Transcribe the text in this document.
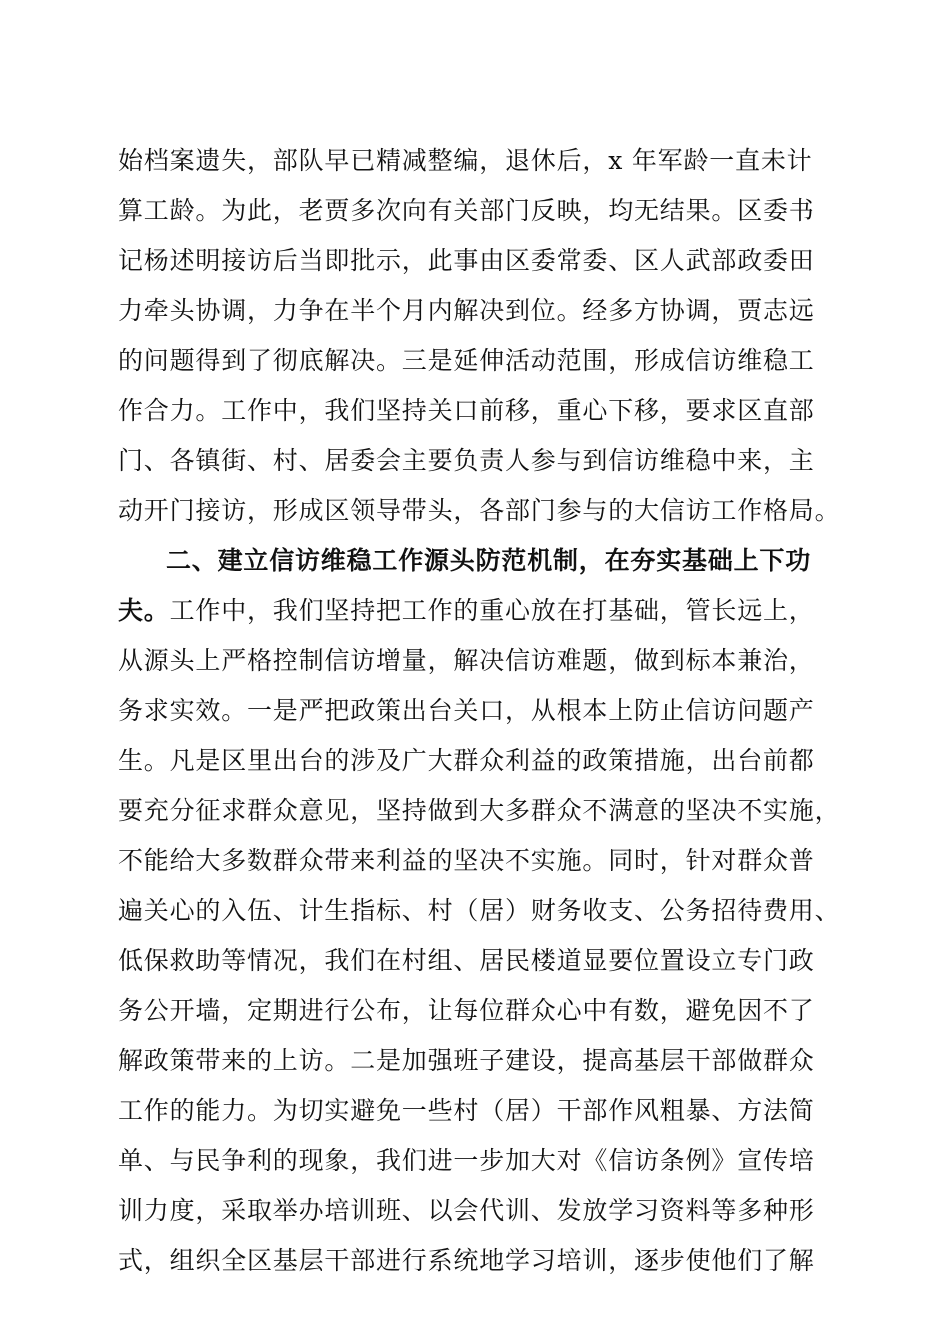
始档案遗失，部队早已精减整编，退休后，x 年军龄一直未计
算工龄。为此，老贾多次向有关部门反映，均无结果。区委书
记杨述明接访后当即批示，此事由区委常委、区人武部政委田
力牵头协调，力争在半个月内解决到位。经多方协调，贾志远
的问题得到了彻底解决。三是延伸活动范围，形成信访维稳工
作合力。工作中，我们坚持关口前移，重心下移，要求区直部
门、各镇街、村、居委会主要负责人参与到信访维稳中来，主
动开门接访，形成区领导带头，各部门参与的大信访工作格局。
二、建立信访维稳工作源头防范机制，在夯实基础上下功
夫。工作中，我们坚持把工作的重心放在打基础，管长远上，
从源头上严格控制信访增量，解决信访难题，做到标本兼治，
务求实效。一是严把政策出台关口，从根本上防止信访问题产
生。凡是区里出台的涉及广大群众利益的政策措施，出台前都
要充分征求群众意见，坚持做到大多群众不满意的坚决不实施，
不能给大多数群众带来利益的坚决不实施。同时，针对群众普
遍关心的入伍、计生指标、村（居）财务收支、公务招待费用、
低保救助等情况，我们在村组、居民楼道显要位置设立专门政
务公开墙，定期进行公布，让每位群众心中有数，避免因不了
解政策带来的上访。二是加强班子建设，提高基层干部做群众
工作的能力。为切实避免一些村（居）干部作风粗暴、方法简
单、与民争利的现象，我们进一步加大对《信访条例》宣传培
训力度，采取举办培训班、以会代训、发放学习资料等多种形
式，组织全区基层干部进行系统地学习培训，逐步使他们了解
